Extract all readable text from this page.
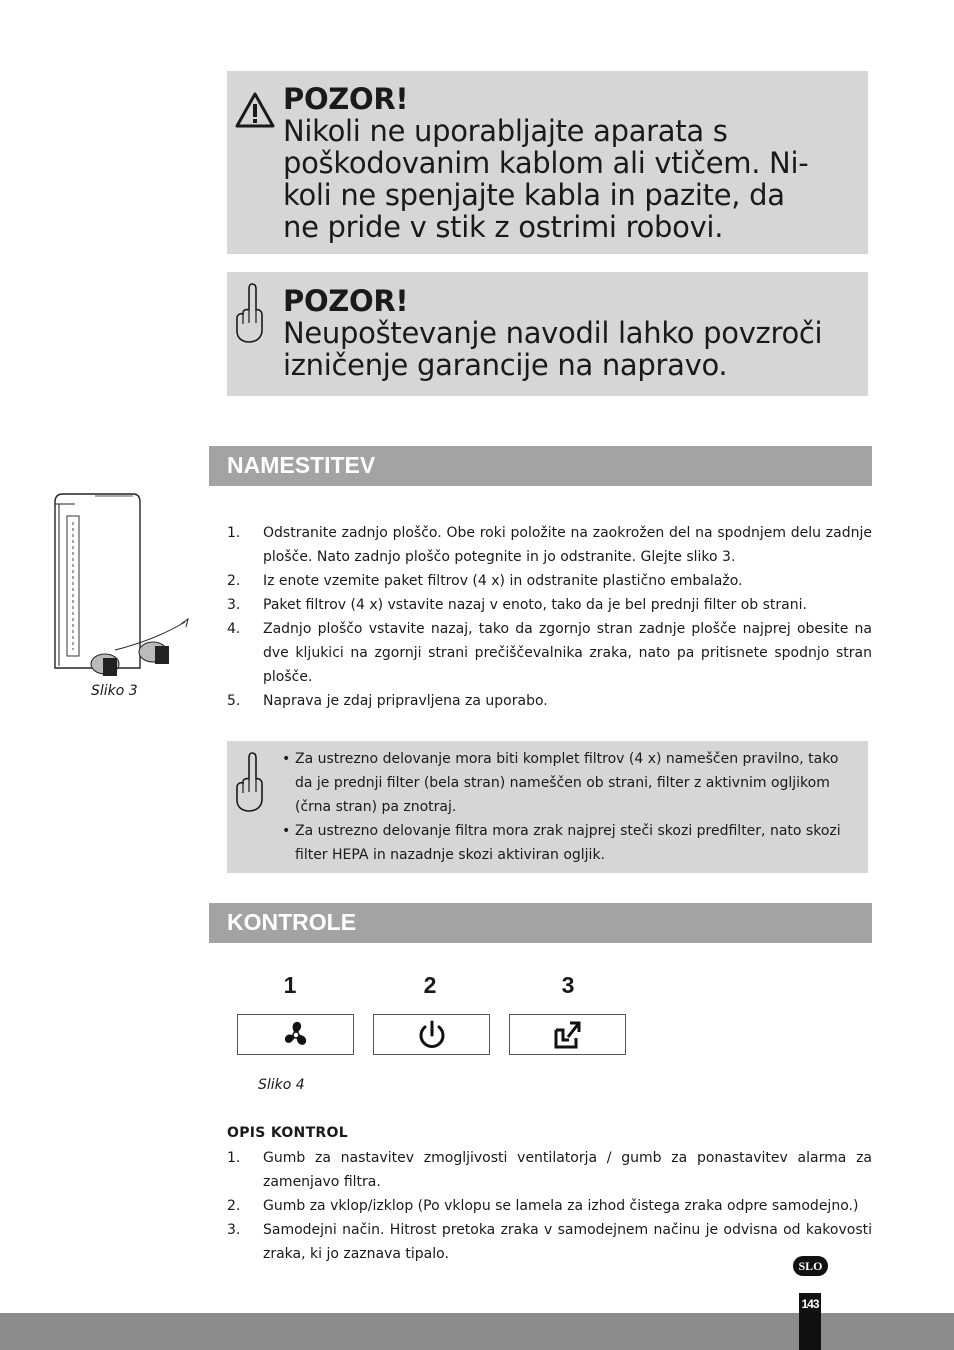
POZOR!
Nikoli ne uporabljajte aparata s
poškodovanim kablom ali vtičem. Ni-
koli ne spenjajte kabla in pazite, da
ne pride v stik z ostrimi robovi.
POZOR!
Neupoštevanje navodil lahko povzroči
izničenje garancije na napravo.
NAMESTITEV
Sliko 3
1. Odstranite zadnjo ploščo. Obe roki položite na zaokrožen del na spodnjem delu zadnje plošče. Nato zadnjo ploščo potegnite in jo odstranite. Glejte sliko 3.
2. Iz enote vzemite paket filtrov (4 x) in odstranite plastično embalažo.
3. Paket filtrov (4 x) vstavite nazaj v enoto, tako da je bel prednji filter ob strani.
4. Zadnjo ploščo vstavite nazaj, tako da zgornjo stran zadnje plošče najprej obesite na dve kljukici na zgornji strani prečiščevalnika zraka, nato pa pritisnete spodnjo stran plošče.
5. Naprava je zdaj pripravljena za uporabo.
• Za ustrezno delovanje mora biti komplet filtrov (4 x) nameščen pravilno, tako da je prednji filter (bela stran) nameščen ob strani, filter z aktivnim ogljikom (črna stran) pa znotraj.
• Za ustrezno delovanje filtra mora zrak najprej steči skozi predfilter, nato skozi filter HEPA in nazadnje skozi aktiviran ogljik.
KONTROLE
1	2	3
Sliko 4
OPIS KONTROL
1. Gumb za nastavitev zmogljivosti ventilatorja / gumb za ponastavitev alarma za zamenjavo filtra.
2. Gumb za vklop/izklop (Po vklopu se lamela za izhod čistega zraka odpre samodejno.)
3. Samodejni način. Hitrost pretoka zraka v samodejnem načinu je odvisna od kakovosti zraka, ki jo zaznava tipalo.
SLO
143
